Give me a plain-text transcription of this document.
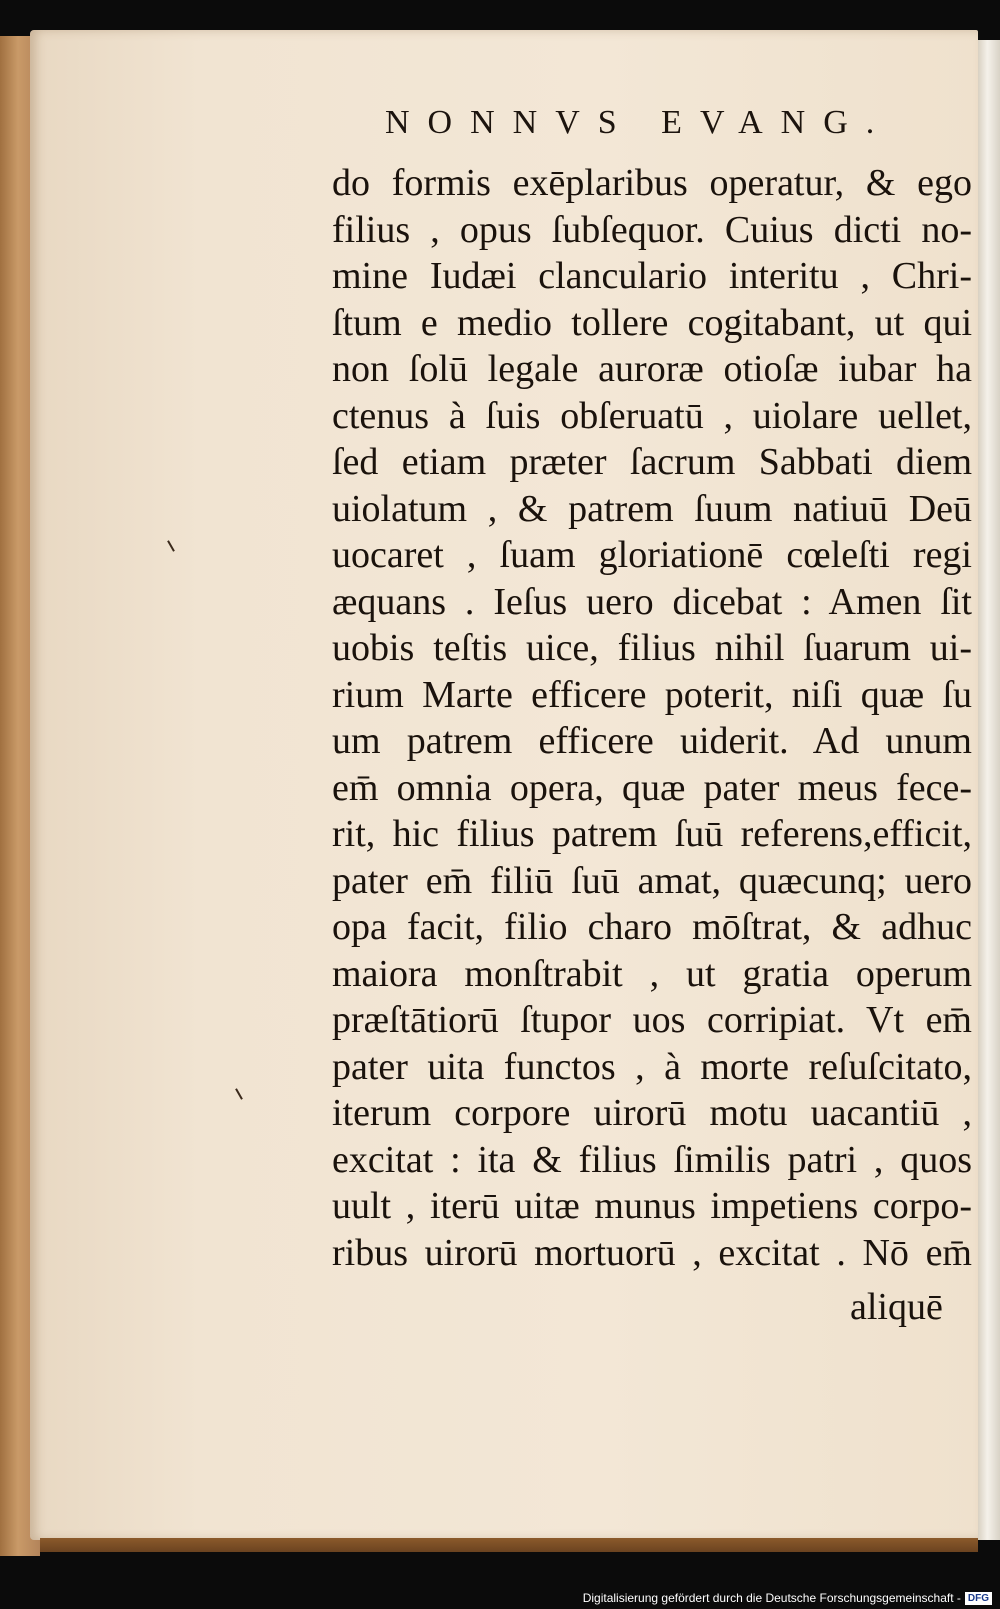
NONNVS EVANG.
do formis exēplaribus operatur, & ego
filius , opus ſubſequor. Cuius dicti no-
mine Iudæi clanculario interitu , Chri-
ſtum e medio tollere cogitabant, ut qui
non ſolū legale auroræ otioſæ iubar ha
ctenus à ſuis obſeruatū , uiolare uellet,
ſed etiam præter ſacrum Sabbati diem
uiolatum , & patrem ſuum natiuū Deū
uocaret , ſuam gloriationē cœleſti regi
æquans . Ieſus uero dicebat : Amen ſit
uobis teſtis uice, filius nihil ſuarum ui-
rium Marte efficere poterit, niſi quæ ſu
um patrem efficere uiderit. Ad unum
em̄ omnia opera, quæ pater meus fece-
rit, hic filius patrem ſuū referens,efficit,
pater em̄ filiū ſuū amat, quæcunq; uero
opa facit, filio charo mōſtrat, & adhuc
maiora monſtrabit , ut gratia operum
præſtātiorū ſtupor uos corripiat. Vt em̄
pater uita functos , à morte reſuſcitato,
iterum corpore uirorū motu uacantiū ,
excitat : ita & filius ſimilis patri , quos
uult , iterū uitæ munus impetiens corpo-
ribus uirorū mortuorū , excitat . Nō em̄
aliquē
Digitalisierung gefördert durch die Deutsche Forschungsgemeinschaft - DFG
